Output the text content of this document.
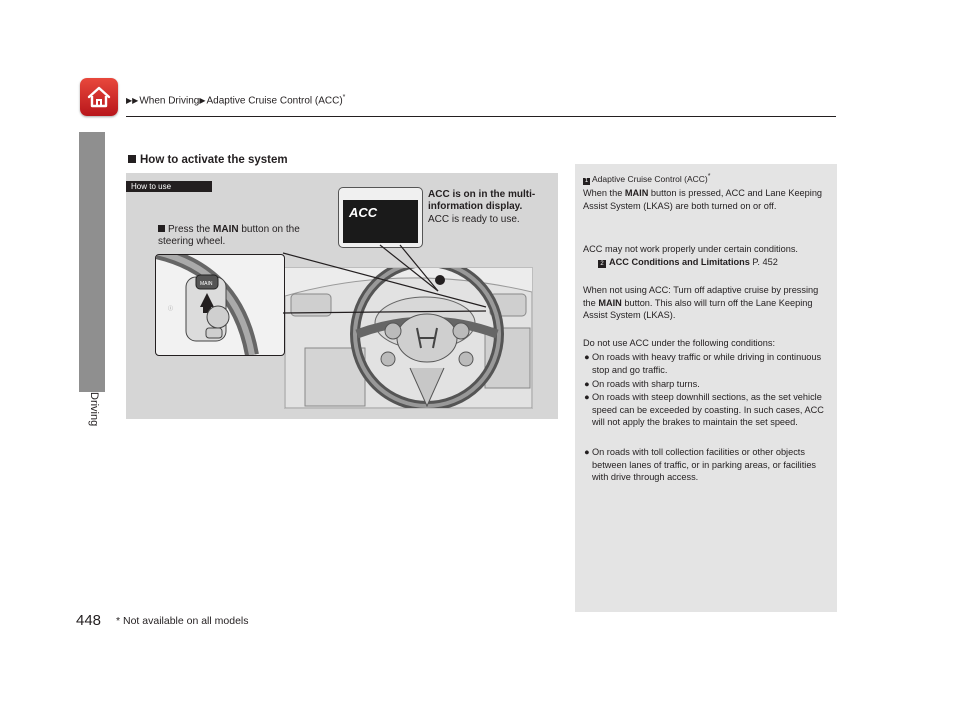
▶▶When Driving▶Adaptive Cruise Control (ACC)*
Driving
How to activate the system
How to use
MAIN
ⓘ
ACC
Press the MAIN button on the steering wheel.
ACC is on in the multi-information display.
ACC is ready to use.
1 Adaptive Cruise Control (ACC)*
When the MAIN button is pressed, ACC and Lane Keeping Assist System (LKAS) are both turned on or off.
ACC may not work properly under certain conditions.
2 ACC Conditions and Limitations P. 452
When not using ACC: Turn off adaptive cruise by pressing the MAIN button. This also will turn off the Lane Keeping Assist System (LKAS).
Do not use ACC under the following conditions:
● On roads with heavy traffic or while driving in continuous stop and go traffic.
● On roads with sharp turns.
● On roads with steep downhill sections, as the set vehicle speed can be exceeded by coasting. In such cases, ACC will not apply the brakes to maintain the set speed.
● On roads with toll collection facilities or other objects between lanes of traffic, or in parking areas, or facilities with drive through access.
448 * Not available on all models
